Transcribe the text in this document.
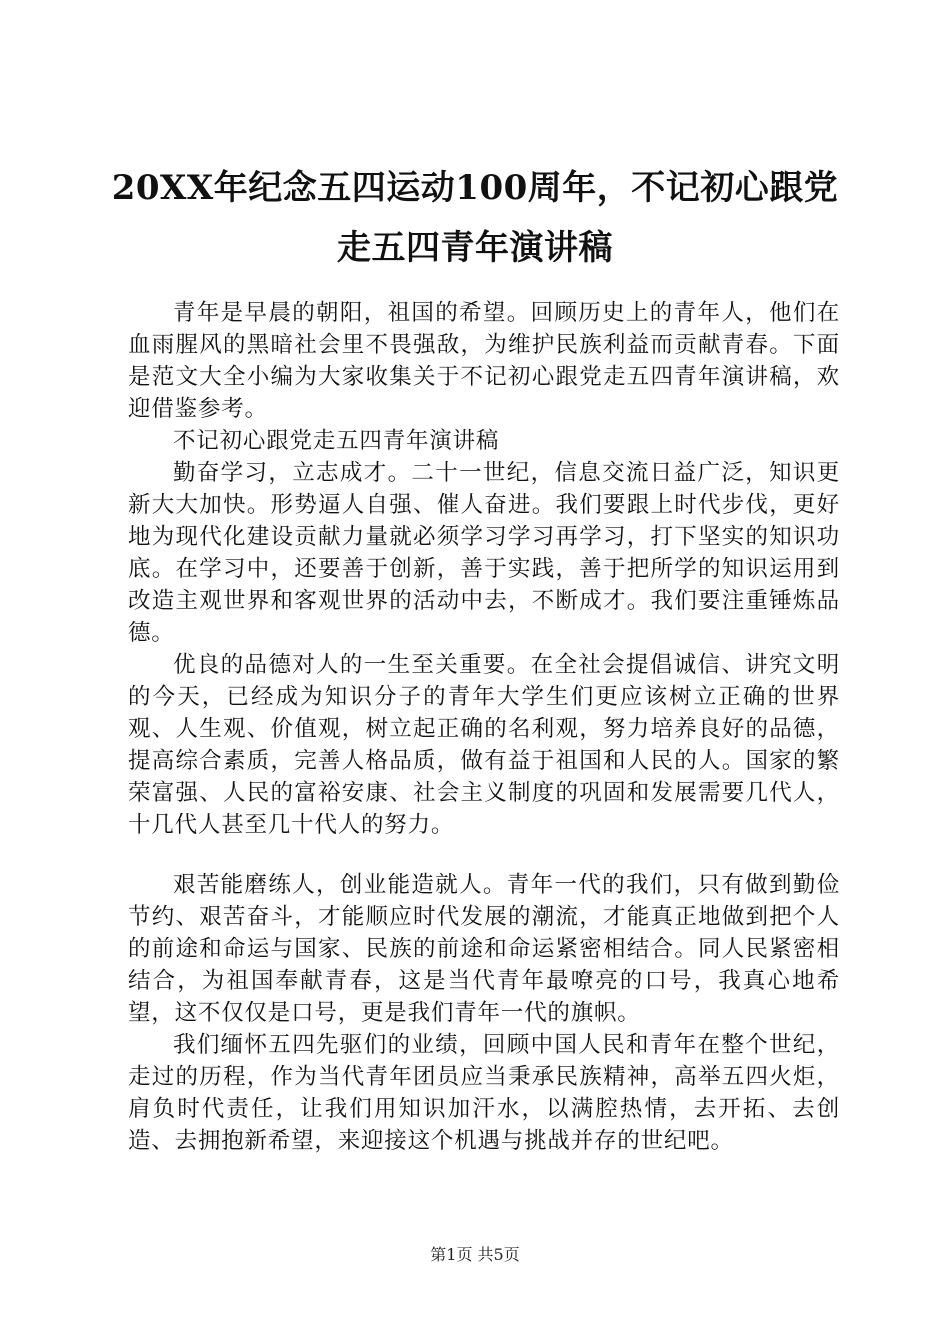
20XX年纪念五四运动100周年，不记初心跟党
走五四青年演讲稿

青年是早晨的朝阳，祖国的希望。回顾历史上的青年人，他们在血雨腥风的黑暗社会里不畏强敌，为维护民族利益而贡献青春。下面是范文大全小编为大家收集关于不记初心跟党走五四青年演讲稿，欢迎借鉴参考。

不记初心跟党走五四青年演讲稿

勤奋学习，立志成才。二十一世纪，信息交流日益广泛，知识更新大大加快。形势逼人自强、催人奋进。我们要跟上时代步伐，更好地为现代化建设贡献力量就必须学习学习再学习，打下坚实的知识功底。在学习中，还要善于创新，善于实践，善于把所学的知识运用到改造主观世界和客观世界的活动中去，不断成才。我们要注重锤炼品德。

优良的品德对人的一生至关重要。在全社会提倡诚信、讲究文明的今天，已经成为知识分子的青年大学生们更应该树立正确的世界观、人生观、价值观，树立起正确的名利观，努力培养良好的品德，提高综合素质，完善人格品质，做有益于祖国和人民的人。国家的繁荣富强、人民的富裕安康、社会主义制度的巩固和发展需要几代人，十几代人甚至几十代人的努力。

艰苦能磨练人，创业能造就人。青年一代的我们，只有做到勤俭节约、艰苦奋斗，才能顺应时代发展的潮流，才能真正地做到把个人的前途和命运与国家、民族的前途和命运紧密相结合。同人民紧密相结合，为祖国奉献青春，这是当代青年最嘹亮的口号，我真心地希望，这不仅仅是口号，更是我们青年一代的旗帜。

我们缅怀五四先驱们的业绩，回顾中国人民和青年在整个世纪，走过的历程，作为当代青年团员应当秉承民族精神，高举五四火炬，肩负时代责任，让我们用知识加汗水，以满腔热情，去开拓、去创造、去拥抱新希望，来迎接这个机遇与挑战并存的世纪吧。

第1页 共5页
